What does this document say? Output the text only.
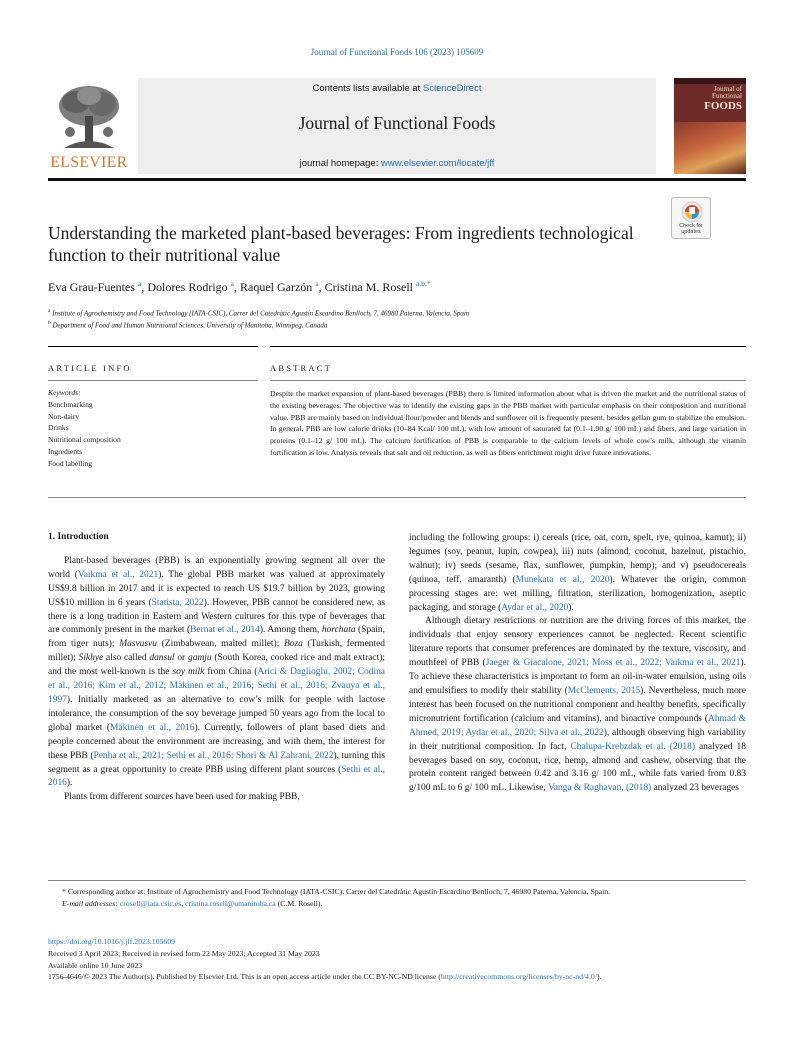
Journal of Functional Foods 106 (2023) 105609
ELSEVIER
Contents lists available at ScienceDirect
Journal of Functional Foods
journal homepage: www.elsevier.com/locate/jff
Journal of
Functional
FOODS
Check for
updates
Understanding the marketed plant-based beverages: From ingredients technological function to their nutritional value
Eva Grau-Fuentes $^a$, Dolores Rodrigo $^a$, Raquel Garzón $^a$, Cristina M. Rosell $^{a,b,*}$
$^a$ Institute of Agrochemistry and Food Technology (IATA-CSIC), Carrer del Catedràtic Agustín Escardino Benlloch, 7, 46980 Paterna, Valencia, Spain
$^b$ Department of Food and Human Nutritional Sciences, University of Manitoba, Winnipeg, Canada
ARTICLE INFO	ABSTRACT
Keywords:
Benchmarking
Non-dairy
Drinks
Nutritional composition
Ingredients
Food labelling
Despite the market expansion of plant-based beverages (PBB) there is limited information about what is driven the market and the nutritional status of the existing beverages. The objective was to identify the existing gaps in the PBB market with particular emphasis on their composition and nutritional value. PBB are mainly based on individual flour/powder and blends and sunflower oil is frequently present, besides gellan gum to stabilize the emulsion. In general, PBB are low calorie drinks (10–84 Kcal/ 100 mL), with low amount of saturated fat (0.1–1.90 g/ 100 mL) and fibers, and large variation in proteins (0.1–12 g/ 100 mL). The calcium fortification of PBB is comparable to the calcium levels of whole cow’s milk, although the vitamin fortification is low. Analysis reveals that salt and oil reduction, as well as fibers enrichment might drive future innovations.
1. Introduction

Plant-based beverages (PBB) is an exponentially growing segment all over the world (Vaikma et al., 2021). The global PBB market was valued at approximately US$9.8 billion in 2017 and it is expected to reach US $19.7 billion by 2023, growing US$10 million in 6 years (Statista, 2022). However, PBB cannot be considered new, as there is a long tradition in Eastern and Western cultures for this type of beverages that are commonly present in the market (Bernat et al., 2014). Among them, horchata (Spain, from tiger nuts); Masvusvu (Zimbabwean, malted millet); Boza (Turkish, fermented millet); Sikhye also called dansul or gamju (South Korea, cooked rice and malt extract); and the most well-known is the soy milk from China (Arici & Daglioglu, 2002; Codina et al., 2016; Kim et al., 2012; Mäkinen et al., 2016; Sethi et al., 2016; Zvauya et al., 1997). Initially marketed as an alternative to cow’s milk for people with lactose intolerance, the consumption of the soy beverage jumped 50 years ago from the local to global market (Mäkinen et al., 2016). Currently, followers of plant based diets and people concerned about the environment are increasing, and with them, the interest for these PBB (Penha et al., 2021; Sethi et al., 2016; Shori & Al Zahrani, 2022), turning this segment as a great opportunity to create PBB using different plant sources (Sethi et al., 2016).

Plants from different sources have been used for making PBB,

including the following groups: i) cereals (rice, oat, corn, spelt, rye, quinoa, kamut); ii) legumes (soy, peanut, lupin, cowpea), iii) nuts (almond, coconut, hazelnut, pistachio, walnut); iv) seeds (sesame, flax, sunflower, pumpkin, hemp); and v) pseudocereals (quinoa, teff, amaranth) (Munekata et al., 2020). Whatever the origin, common processing stages are: wet milling, filtration, sterilization, homogenization, aseptic packaging, and storage (Aydar et al., 2020).

Although dietary restrictions or nutrition are the driving forces of this market, the individuals that enjoy sensory experiences cannot be neglected. Recent scientific literature reports that consumer preferences are dominated by the texture, viscosity, and mouthfeel of PBB (Jaeger & Giacalone, 2021; Moss et al., 2022; Vaikma et al., 2021). To achieve these characteristics is important to form an oil-in-water emulsion, using oils and emulsifiers to modify their stability (McClements, 2015). Nevertheless, much more interest has been focused on the nutritional component and healthy benefits, specifically micronutrient fortification (calcium and vitamins), and bioactive compounds (Ahmad & Ahmed, 2019; Aydar et al., 2020; Silva et al., 2022), although observing high variability in their nutritional composition. In fact, Chalupa-Krebzdak et al. (2018) analyzed 18 beverages based on soy, coconut, rice, hemp, almond and cashew, observing that the protein content ranged between 0.42 and 3.16 g/ 100 mL, while fats varied from 0.83 g/100 mL to 6 g/ 100 mL. Likewise, Vanga & Raghavan, (2018) analyzed 23 beverages

* Corresponding author at: Institute of Agrochemistry and Food Technology (IATA-CSIC), Carrer del Catedràtic Agustín Escardino Benlloch, 7, 46980 Paterna, Valencia, Spain.
E-mail addresses: crosell@iata.csic.es, cristina.rosell@umanitoba.ca (C.M. Rosell).
https://doi.org/10.1016/j.jff.2023.105609
Received 3 April 2023; Received in revised form 22 May 2023; Accepted 31 May 2023
Available online 10 June 2023
1756-4646/© 2023 The Author(s). Published by Elsevier Ltd. This is an open access article under the CC BY-NC-ND license (http://creativecommons.org/licenses/by-nc-nd/4.0/).
